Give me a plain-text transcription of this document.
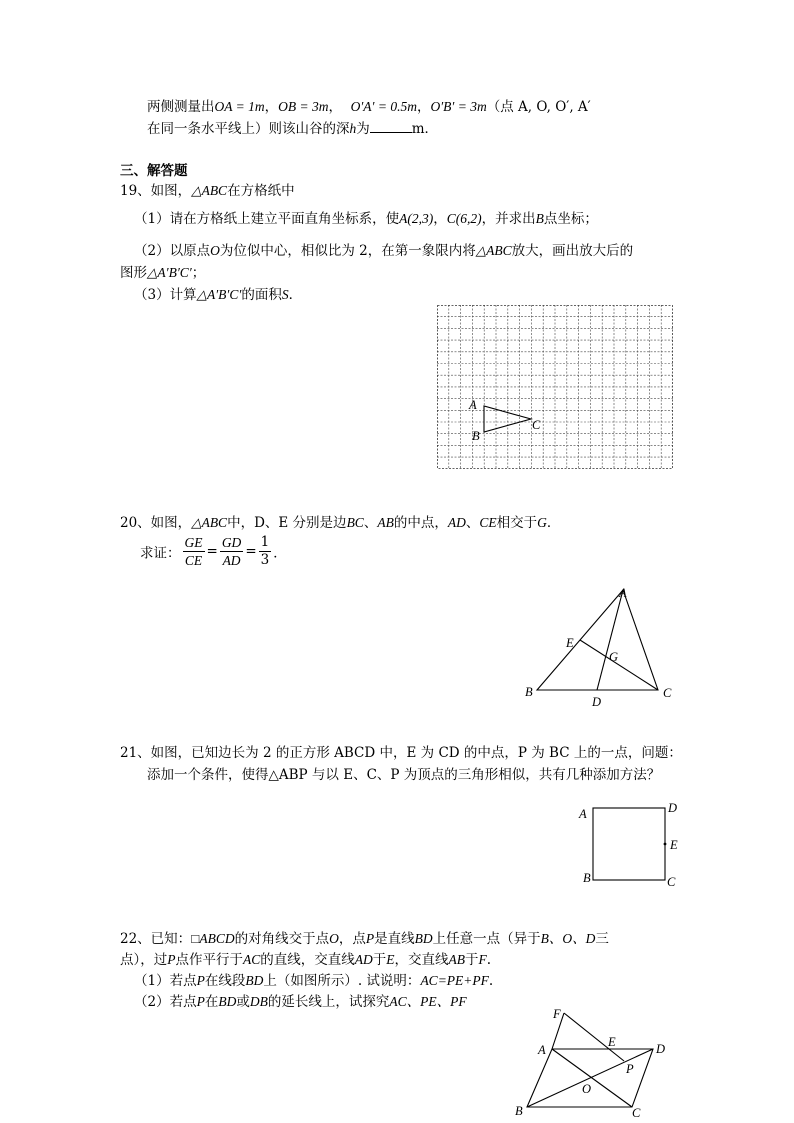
两侧测量出OA = 1m，OB = 3m，  O′A′ = 0.5m，O′B′ = 3m（点 A, O, O′, A′
在同一条水平线上）则该山谷的深h为	m．
三、解答题
19、如图，△ABC在方格纸中
（1）请在方格纸上建立平面直角坐标系，使A(2,3)，C(6,2)，并求出B点坐标；
（2）以原点O为位似中心，相似比为 2，在第一象限内将△ABC放大，画出放大后的
图形△A′B′C′；
（3）计算△A′B′C′的面积S．
A
B
C
20、如图，△ABC中，D、E 分别是边BC、AB的中点，AD、CE相交于G．
求证： $\frac{GE}{CE} = \frac{GD}{AD} = \frac{1}{3}$ ．
A
B	C
D
E
G
21、如图，已知边长为 2 的正方形 ABCD 中，E 为 CD 的中点，P 为 BC 上的一点，问题：
添加一个条件，使得△ABP 与以 E、C、P 为顶点的三角形相似，共有几种添加方法？
A
B	C
D
E
22、已知：□ABCD的对角线交于点O，点P是直线BD上任意一点（异于B、O、D三
点），过P点作平行于AC的直线，交直线AD于E，交直线AB于F.
（1）若点P在线段BD上（如图所示）. 试说明：AC=PE+PF.
（2）若点P在BD或DB的延长线上，试探究AC、PE、PF
F
A
E	D
P
O
B	C
